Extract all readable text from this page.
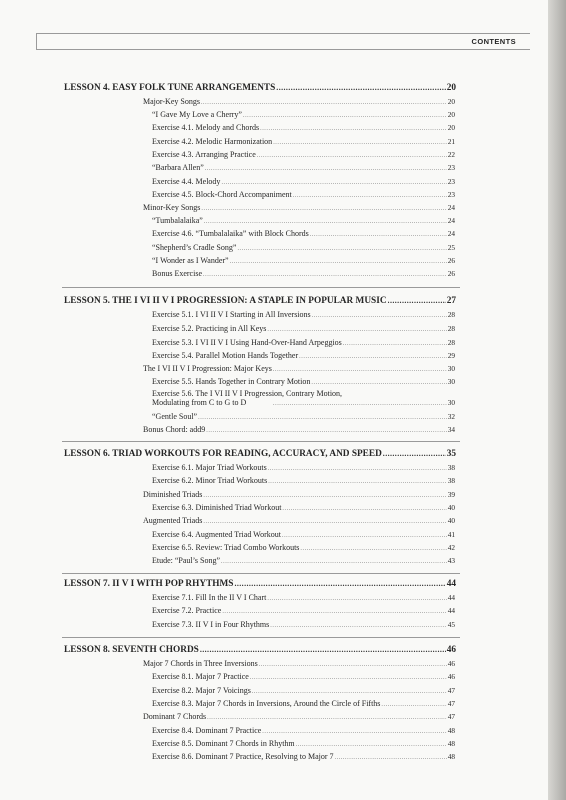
CONTENTS
LESSON 4. EASY FOLK TUNE ARRANGEMENTS .....	20
Major-Key Songs .....	20
“I Gave My Love a Cherry” .....	20
Exercise 4.1. Melody and Chords .....	20
Exercise 4.2. Melodic Harmonization .....	21
Exercise 4.3. Arranging Practice .....	22
“Barbara Allen” .....	23
Exercise 4.4. Melody .....	23
Exercise 4.5. Block-Chord Accompaniment .....	23
Minor-Key Songs .....	24
“Tumbalalaika” .....	24
Exercise 4.6. “Tumbalalaika” with Block Chords .....	24
“Shepherd’s Cradle Song” .....	25
“I Wonder as I Wander” .....	26
Bonus Exercise .....	26
LESSON 5. THE I VI II V I PROGRESSION: A STAPLE IN POPULAR MUSIC .....	27
Exercise 5.1. I VI II V I Starting in All Inversions .....	28
Exercise 5.2. Practicing in All Keys .....	28
Exercise 5.3. I VI II V I Using Hand-Over-Hand Arpeggios .....	28
Exercise 5.4. Parallel Motion Hands Together .....	29
The I VI II V I Progression: Major Keys .....	30
Exercise 5.5. Hands Together in Contrary Motion .....	30
Exercise 5.6. The I VI II V I Progression, Contrary Motion,
Modulating from C to G to D .....	30
“Gentle Soul” .....	32
Bonus Chord: add9 .....	34
LESSON 6. TRIAD WORKOUTS FOR READING, ACCURACY, AND SPEED .....	35
Exercise 6.1. Major Triad Workouts .....	38
Exercise 6.2. Minor Triad Workouts .....	38
Diminished Triads .....	39
Exercise 6.3. Diminished Triad Workout .....	40
Augmented Triads .....	40
Exercise 6.4. Augmented Triad Workout .....	41
Exercise 6.5. Review: Triad Combo Workouts .....	42
Etude: “Paul’s Song” .....	43
LESSON 7. II V I WITH POP RHYTHMS .....	44
Exercise 7.1. Fill In the II V I Chart .....	44
Exercise 7.2. Practice .....	44
Exercise 7.3. II V I in Four Rhythms .....	45
LESSON 8. SEVENTH CHORDS .....	46
Major 7 Chords in Three Inversions .....	46
Exercise 8.1. Major 7 Practice .....	46
Exercise 8.2. Major 7 Voicings .....	47
Exercise 8.3. Major 7 Chords in Inversions, Around the Circle of Fifths .....	47
Dominant 7 Chords .....	47
Exercise 8.4. Dominant 7 Practice .....	48
Exercise 8.5. Dominant 7 Chords in Rhythm .....	48
Exercise 8.6. Dominant 7 Practice, Resolving to Major 7 .....	48
